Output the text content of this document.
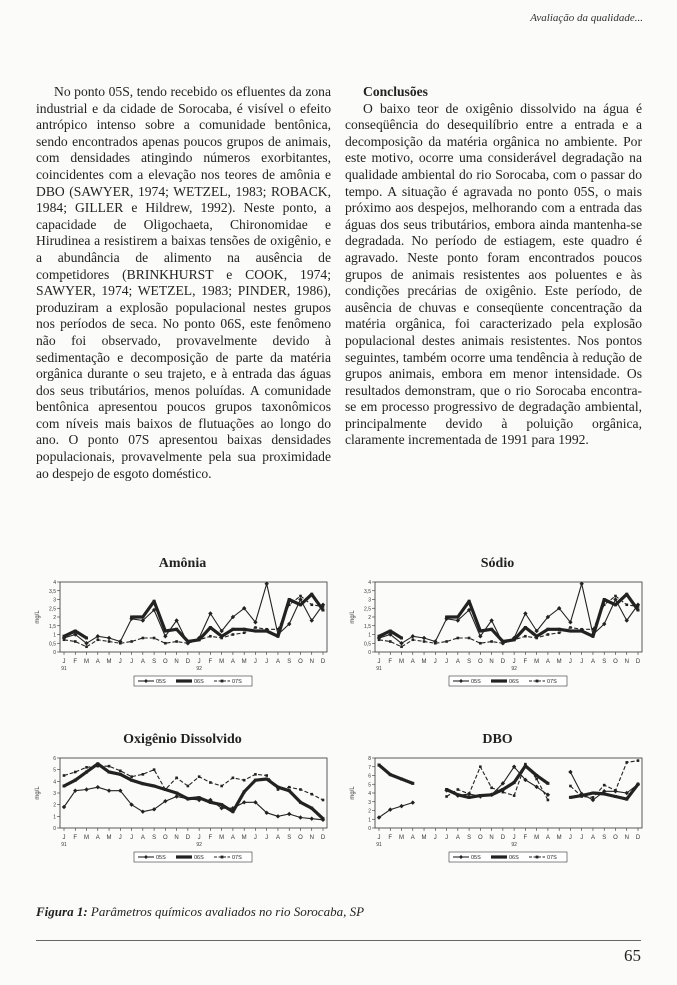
Avaliação da qualidade...

No ponto 05S, tendo recebido os efluentes da zona industrial e da cidade de Sorocaba, é visível o efeito antrópico intenso sobre a comunidade bentônica, sendo encontrados apenas poucos grupos de animais, com densidades atingindo números exorbitantes, coincidentes com a elevação nos teores de amônia e DBO (SAWYER, 1974; WETZEL, 1983; ROBACK, 1984; GILLER e Hildrew, 1992). Neste ponto, a capacidade de Oligochaeta, Chironomidae e Hirudinea a resistirem a baixas tensões de oxigênio, e a abundância de alimento na ausência de competidores (BRINKHURST e COOK, 1974; SAWYER, 1974; WETZEL, 1983; PINDER, 1986), produziram a explosão populacional nestes grupos nos períodos de seca. No ponto 06S, este fenômeno não foi observado, provavelmente devido à sedimentação e decomposição de parte da matéria orgânica durante o seu trajeto, e à entrada das águas dos seus tributários, menos poluídas. A comunidade bentônica apresentou poucos grupos taxonômicos com níveis mais baixos de flutuações ao longo do ano. O ponto 07S apresentou baixas densidades populacionais, provavelmente pela sua proximidade ao despejo de esgoto doméstico.

Conclusões

O baixo teor de oxigênio dissolvido na água é conseqüência do desequilíbrio entre a entrada e a decomposição da matéria orgânica no ambiente. Por este motivo, ocorre uma considerável degradação na qualidade ambiental do rio Sorocaba, com o passar do tempo. A situação é agravada no ponto 05S, o mais próximo aos despejos, melhorando com a entrada das águas dos seus tributários, embora ainda mantenha-se degradada. No período de estiagem, este quadro é agravado. Neste ponto foram encontrados poucos grupos de animais resistentes aos poluentes e às condições precárias de oxigênio. Este período, de ausência de chuvas e conseqüente concentração da matéria orgânica, foi caracterizado pela explosão populacional destes animais resistentes. Nos pontos seguintes, também ocorre uma tendência à redução de grupos animais, embora em menor intensidade. Os resultados demonstram, que o rio Sorocaba encontra-se em processo progressivo de degradação ambiental, principalmente devido à poluição orgânica, claramente incrementada de 1991 para 1992.

Amônia
0
0,5
1
1,5
2
2,5
3
3,5
4
mg/L
J F M A M J J A S O N D J F M A M J J A S O N D
91	92
05S	06S	07S
Sódio
0
0,5
1
1,5
2
2,5
3
3,5
4
mg/L
J F M A M J J A S O N D J F M A M J J A S O N D
91	92
05S	06S	07S
Oxigênio Dissolvido
0
1
2
3
4
5
6
mg/L
J F M A M J J A S O N D J F M A M J J A S O N D
91	92
05S	06S	07S
DBO
0
1
2
3
4
5
6
7
8
mg/L
J F M A M J J A S O N D J F M A M J J A S O N D
91	92
05S	06S	07S
Figura 1: Parâmetros químicos avaliados no rio Sorocaba, SP
65
